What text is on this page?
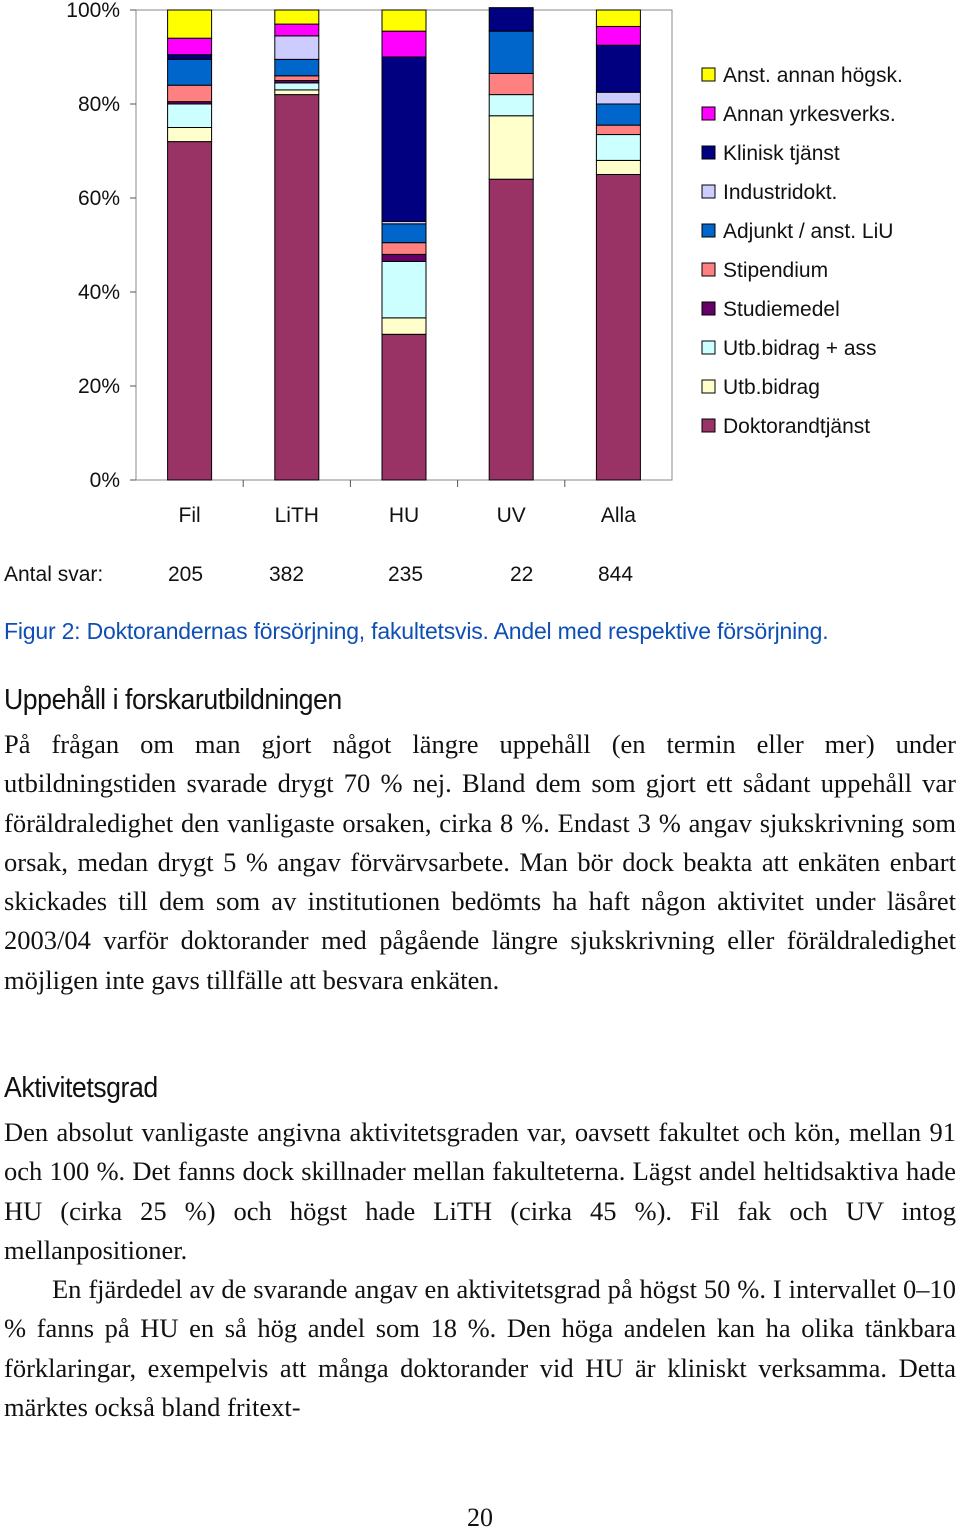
0%
20%
40%
60%
80%
100%
Fil	LiTH	HU	UV	Alla
Anst. annan högsk.
Annan yrkesverks.
Klinisk tjänst
Industridokt.
Adjunkt / anst. LiU
Stipendium
Studiemedel
Utb.bidrag + ass
Utb.bidrag
Doktorandtjänst
Antal svar:	205	382	235	22	844
Figur 2: Doktorandernas försörjning, fakultetsvis. Andel med respektive försörjning.
Uppehåll i forskarutbildningen

På frågan om man gjort något längre uppehåll (en termin eller mer) under utbildningstiden svarade drygt 70 % nej. Bland dem som gjort ett sådant uppehåll var föräldraledighet den vanligaste orsaken, cirka 8 %. Endast 3 % angav sjukskrivning som orsak, medan drygt 5 % angav förvärvsarbete. Man bör dock beakta att enkäten enbart skickades till dem som av institutionen bedömts ha haft någon aktivitet under läsåret 2003/04 varför doktorander med pågående längre sjukskrivning eller föräldraledighet möjligen inte gavs tillfälle att besvara enkäten.

Aktivitetsgrad

Den absolut vanligaste angivna aktivitetsgraden var, oavsett fakultet och kön, mellan 91 och 100 %. Det fanns dock skillnader mellan fakulteterna. Lägst andel heltidsaktiva hade HU (cirka 25 %) och högst hade LiTH (cirka 45 %). Fil fak och UV intog mellanpositioner.

En fjärdedel av de svarande angav en aktivitetsgrad på högst 50 %. I intervallet 0–10 % fanns på HU en så hög andel som 18 %. Den höga andelen kan ha olika tänkbara förklaringar, exempelvis att många doktorander vid HU är kliniskt verksamma. Detta märktes också bland fritext-

20
